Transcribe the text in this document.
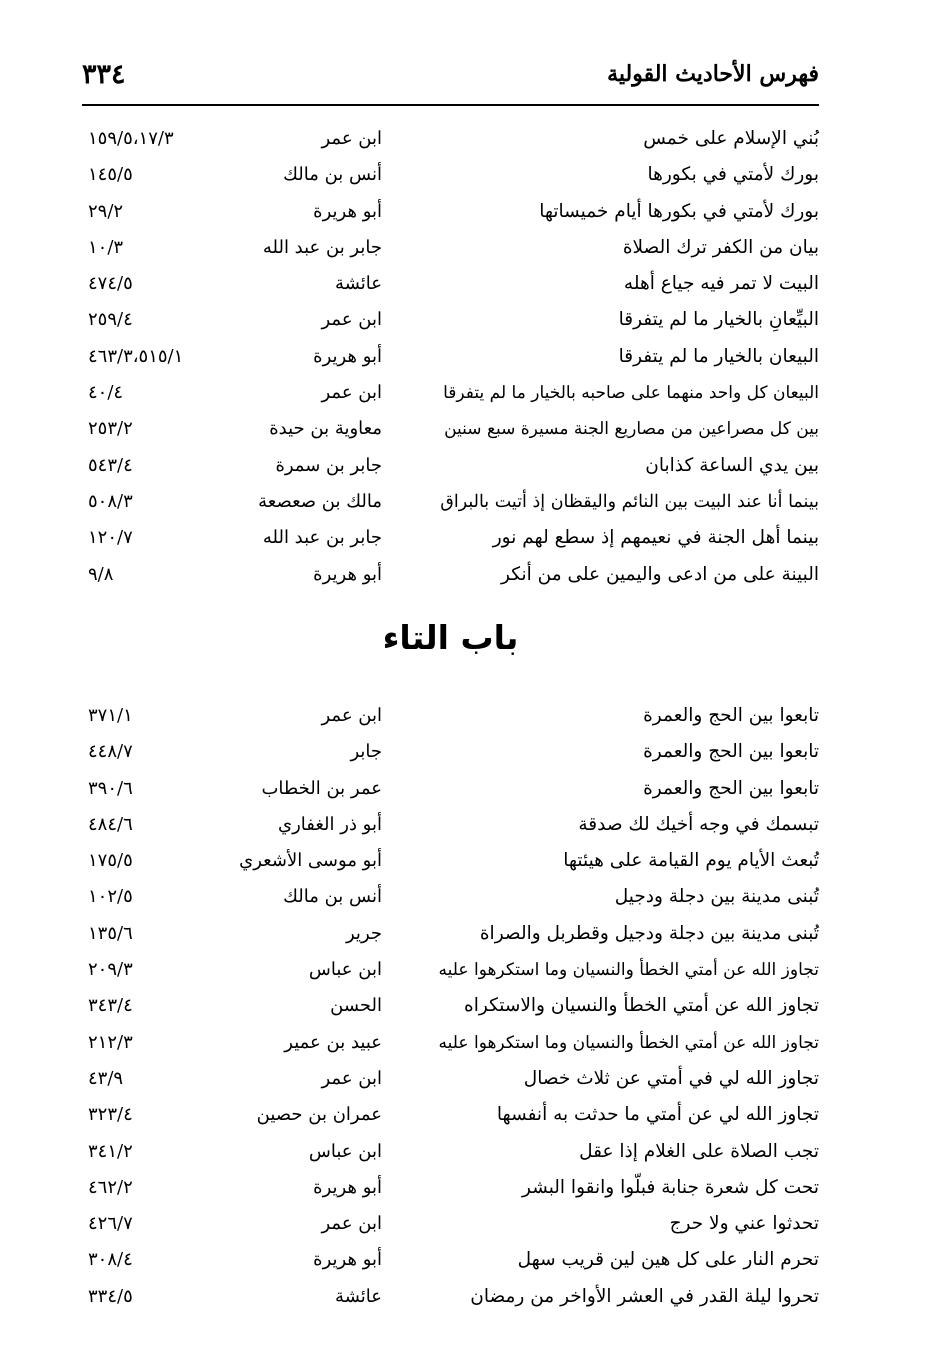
فهرس الأحاديث القولية
٣٣٤
بُني الإسلام على خمس
ابن عمر
١٥٩/٥،١٧/٣
بورك لأمتي في بكورها
أنس بن مالك
١٤٥/٥
بورك لأمتي في بكورها أيام خميساتها
أبو هريرة
٢٩/٢
بيان من الكفر ترك الصلاة
جابر بن عبد الله
١٠/٣
البيت لا تمر فيه جياع أهله
عائشة
٤٧٤/٥
البيِّعانِ بالخيار ما لم يتفرقا
ابن عمر
٢٥٩/٤
البيعان بالخيار ما لم يتفرقا
أبو هريرة
٤٦٣/٣،٥١٥/١
البيعان كل واحد منهما على صاحبه بالخيار ما لم يتفرقا
ابن عمر
٤٠/٤
بين كل مصراعين من مصاريع الجنة مسيرة سبع سنين
معاوية بن حيدة
٢٥٣/٢
بين يدي الساعة كذابان
جابر بن سمرة
٥٤٣/٤
بينما أنا عند البيت بين النائم واليقظان إذ أتيت بالبراق
مالك بن صعصعة
٥٠٨/٣
بينما أهل الجنة في نعيمهم إذ سطع لهم نور
جابر بن عبد الله
١٢٠/٧
البينة على من ادعى واليمين على من أنكر
أبو هريرة
٩/٨
باب التاء
تابعوا بين الحج والعمرة
ابن عمر
٣٧١/١
تابعوا بين الحج والعمرة
جابر
٤٤٨/٧
تابعوا بين الحج والعمرة
عمر بن الخطاب
٣٩٠/٦
تبسمك في وجه أخيك لك صدقة
أبو ذر الغفاري
٤٨٤/٦
تُبعث الأيام يوم القيامة على هيئتها
أبو موسى الأشعري
١٧٥/٥
تُبنى مدينة بين دجلة ودجيل
أنس بن مالك
١٠٢/٥
تُبنى مدينة بين دجلة ودجيل وقطربل والصراة
جرير
١٣٥/٦
تجاوز الله عن أمتي الخطأ والنسيان وما استكرهوا عليه
ابن عباس
٢٠٩/٣
تجاوز الله عن أمتي الخطأ والنسيان والاستكراه
الحسن
٣٤٣/٤
تجاوز الله عن أمتي الخطأ والنسيان وما استكرهوا عليه
عبيد بن عمير
٢١٢/٣
تجاوز الله لي في أمتي عن ثلاث خصال
ابن عمر
٤٣/٩
تجاوز الله لي عن أمتي ما حدثت به أنفسها
عمران بن حصين
٣٢٣/٤
تجب الصلاة على الغلام إذا عقل
ابن عباس
٣٤١/٢
تحت كل شعرة جنابة فبلّوا وانقوا البشر
أبو هريرة
٤٦٢/٢
تحدثوا عني ولا حرج
ابن عمر
٤٢٦/٧
تحرم النار على كل هين لين قريب سهل
أبو هريرة
٣٠٨/٤
تحروا ليلة القدر في العشر الأواخر من رمضان
عائشة
٣٣٤/٥
